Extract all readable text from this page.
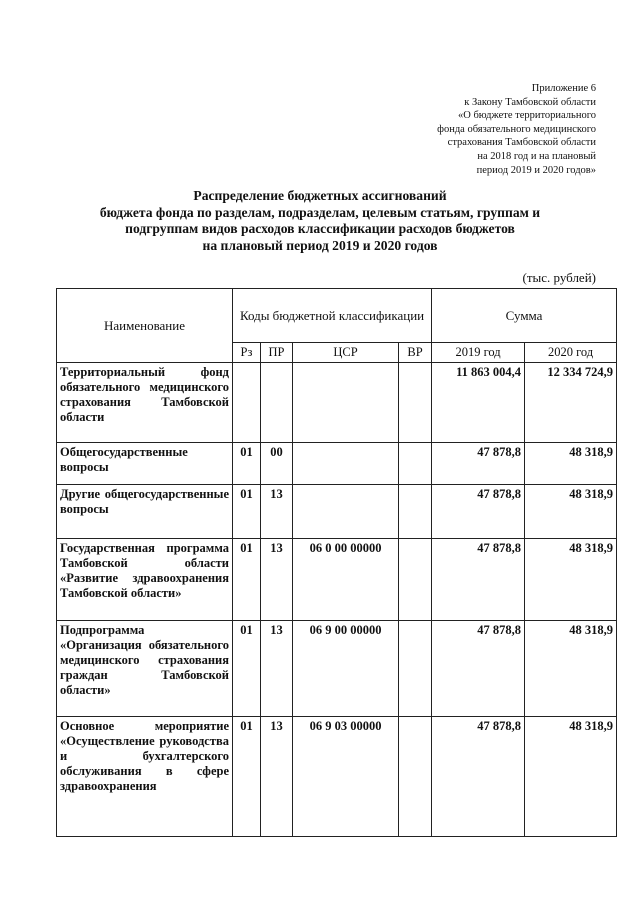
Приложение 6
к Закону Тамбовской области
«О бюджете территориального
фонда обязательного медицинского
страхования Тамбовской области
на 2018 год и на плановый
период 2019 и 2020 годов»
Распределение бюджетных ассигнований
бюджета фонда по разделам, подразделам, целевым статьям, группам и
подгруппам видов расходов классификации расходов бюджетов
на плановый период 2019 и 2020 годов
(тыс. рублей)
Наименование	Коды бюджетной классификации				Сумма	
	Рз	ПР	ЦСР	ВР	2019 год	2020 год
Территориальный фонд обязательного медицинского страхования Тамбовской области					11 863 004,4	12 334 724,9
Общегосударственные вопросы	01	00			47 878,8	48 318,9
Другие общегосударственные вопросы	01	13			47 878,8	48 318,9
Государственная программа Тамбовской области «Развитие здравоохранения Тамбовской области»	01	13	06 0 00 00000		47 878,8	48 318,9
Подпрограмма «Организация обязательного медицинского страхования граждан Тамбовской области»	01	13	06 9 00 00000		47 878,8	48 318,9
Основное мероприятие «Осуществление руководства и бухгалтерского обслуживания в сфере здравоохранения	01	13	06 9 03 00000		47 878,8	48 318,9
